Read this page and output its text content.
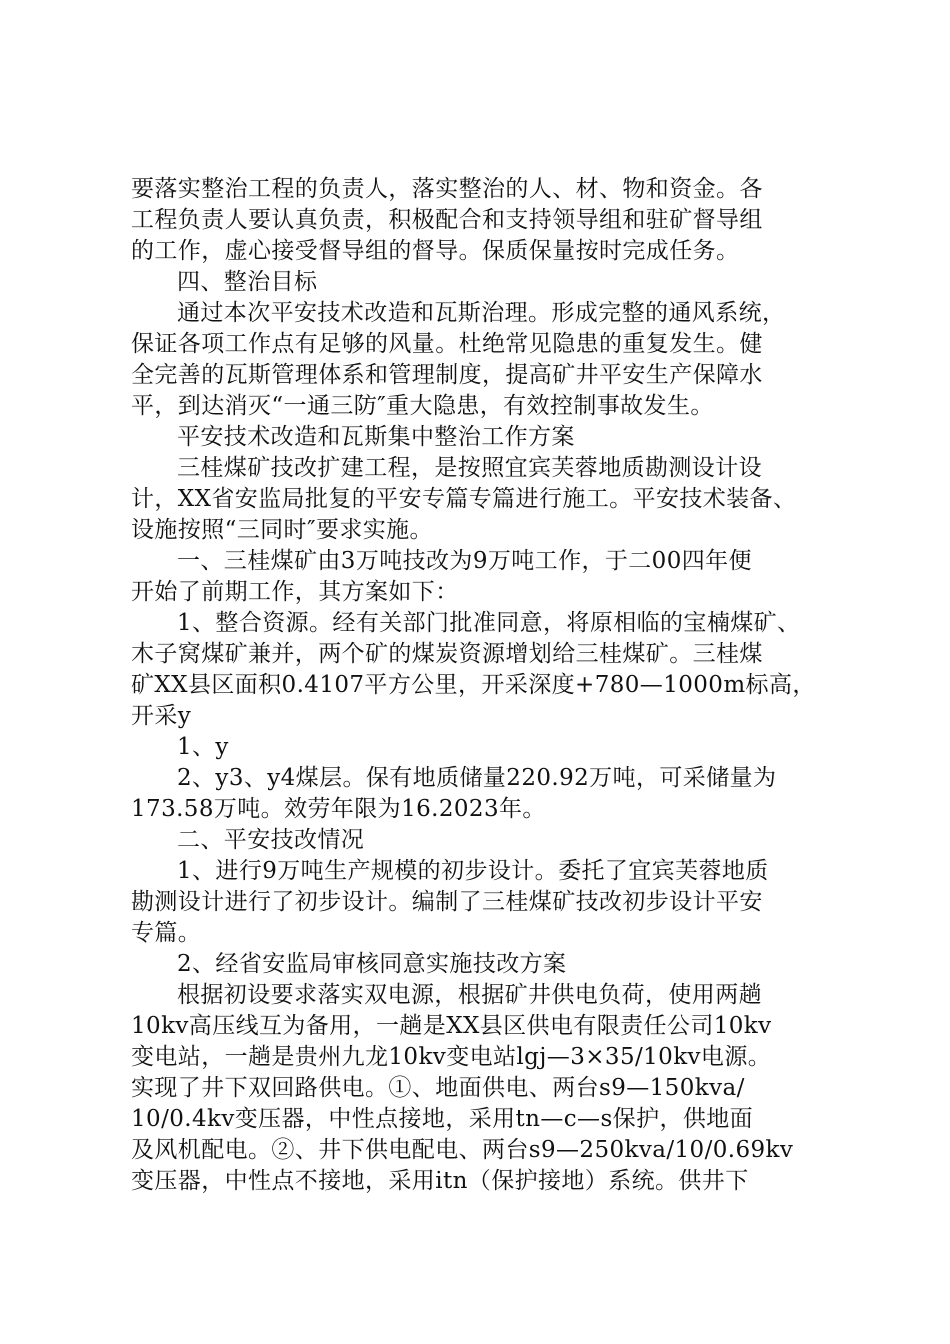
要落实整治工程的负责人，落实整治的人、材、物和资金。各
工程负责人要认真负责，积极配合和支持领导组和驻矿督导组
的工作，虚心接受督导组的督导。保质保量按时完成任务。
四、整治目标
通过本次平安技术改造和瓦斯治理。形成完整的通风系统，
保证各项工作点有足够的风量。杜绝常见隐患的重复发生。健
全完善的瓦斯管理体系和管理制度，提高矿井平安生产保障水
平，到达消灭“一通三防″重大隐患，有效控制事故发生。
平安技术改造和瓦斯集中整治工作方案
三桂煤矿技改扩建工程，是按照宜宾芙蓉地质勘测设计设
计，XX省安监局批复的平安专篇专篇进行施工。平安技术装备、
设施按照“三同时″要求实施。
一、三桂煤矿由3万吨技改为9万吨工作，于二00四年便
开始了前期工作，其方案如下：
1、整合资源。经有关部门批准同意，将原相临的宝楠煤矿、
木子窝煤矿兼并，两个矿的煤炭资源增划给三桂煤矿。三桂煤
矿XX县区面积0.4107平方公里，开采深度+780—1000m标高，
开采y
1、y
2、y3、y4煤层。保有地质储量220.92万吨，可采储量为
173.58万吨。效劳年限为16.2023年。
二、平安技改情况
1、进行9万吨生产规模的初步设计。委托了宜宾芙蓉地质
勘测设计进行了初步设计。编制了三桂煤矿技改初步设计平安
专篇。
2、经省安监局审核同意实施技改方案
根据初设要求落实双电源，根据矿井供电负荷，使用两趟
10kv高压线互为备用，一趟是XX县区供电有限责任公司10kv
变电站，一趟是贵州九龙10kv变电站lgj—3×35/10kv电源。
实现了井下双回路供电。①、地面供电、两台s9—150kva/
10/0.4kv变压器，中性点接地，采用tn—c—s保护，供地面
及风机配电。②、井下供电配电、两台s9—250kva/10/0.69kv
变压器，中性点不接地，采用itn（保护接地）系统。供井下
